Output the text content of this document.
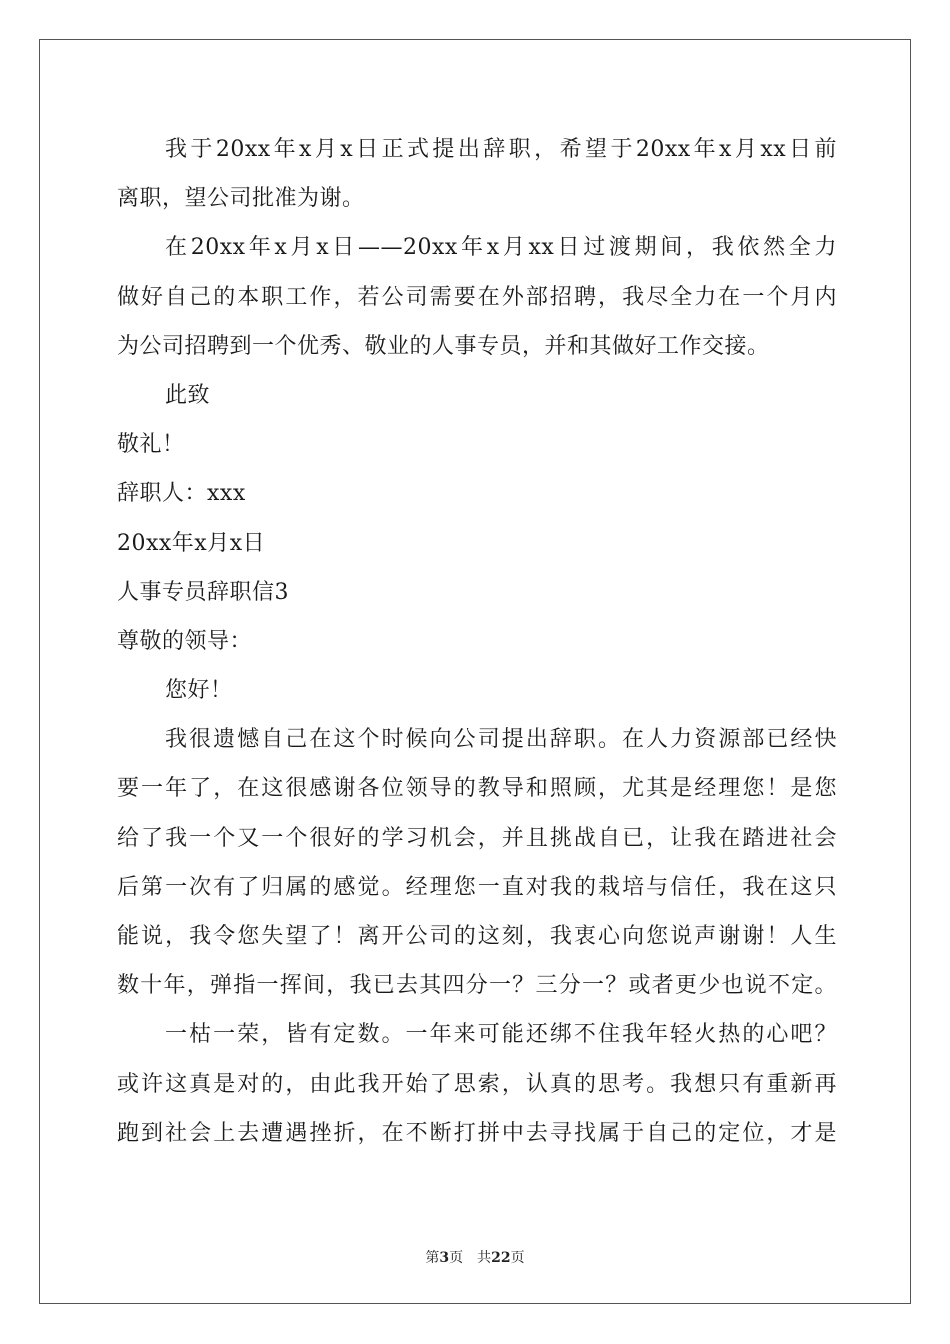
我于20xx年x月x日正式提出辞职，希望于20xx年x月xx日前
离职，望公司批准为谢。
在20xx年x月x日——20xx年x月xx日过渡期间，我依然全力
做好自己的本职工作，若公司需要在外部招聘，我尽全力在一个月内
为公司招聘到一个优秀、敬业的人事专员，并和其做好工作交接。
此致
敬礼！
辞职人：xxx
20xx年x月x日
人事专员辞职信3
尊敬的领导：
您好！
我很遗憾自己在这个时候向公司提出辞职。在人力资源部已经快
要一年了，在这很感谢各位领导的教导和照顾，尤其是经理您！是您
给了我一个又一个很好的学习机会，并且挑战自已，让我在踏进社会
后第一次有了归属的感觉。经理您一直对我的栽培与信任，我在这只
能说，我令您失望了！离开公司的这刻，我衷心向您说声谢谢！人生
数十年，弹指一挥间，我已去其四分一？三分一？或者更少也说不定。
一枯一荣，皆有定数。一年来可能还绑不住我年轻火热的心吧？
或许这真是对的，由此我开始了思索，认真的思考。我想只有重新再
跑到社会上去遭遇挫折，在不断打拼中去寻找属于自己的定位，才是
第3页 共22页
